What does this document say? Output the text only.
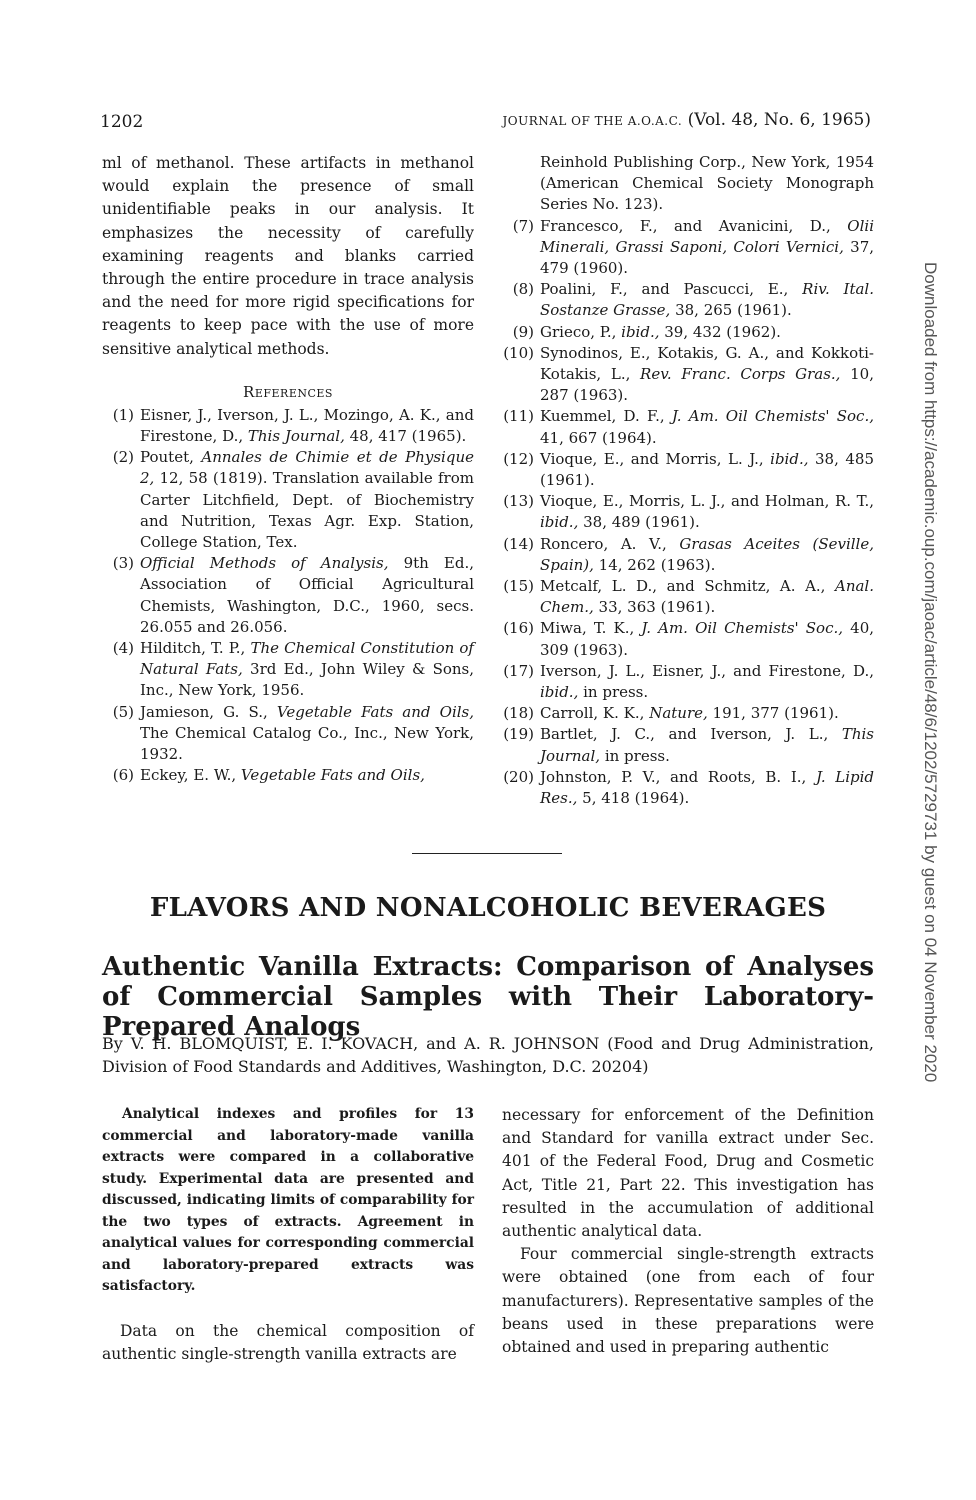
1202	JOURNAL OF THE A.O.A.C. (Vol. 48, No. 6, 1965)
Downloaded from https://academic.oup.com/jaoac/article/48/6/1202/5729731 by guest on 04 November 2020

ml of methanol. These artifacts in methanol would explain the presence of small unidentifiable peaks in our analysis. It emphasizes the necessity of carefully examining reagents and blanks carried through the entire procedure in trace analysis and the need for more rigid specifications for reagents to keep pace with the use of more sensitive analytical methods.

References
(1) Eisner, J., Iverson, J. L., Mozingo, A. K., and Firestone, D., This Journal, 48, 417 (1965).
(2) Poutet, Annales de Chimie et de Physique 2, 12, 58 (1819). Translation available from Carter Litchfield, Dept. of Biochemistry and Nutrition, Texas Agr. Exp. Station, College Station, Tex.
(3) Official Methods of Analysis, 9th Ed., Association of Official Agricultural Chemists, Washington, D.C., 1960, secs. 26.055 and 26.056.
(4) Hilditch, T. P., The Chemical Constitution of Natural Fats, 3rd Ed., John Wiley & Sons, Inc., New York, 1956.
(5) Jamieson, G. S., Vegetable Fats and Oils, The Chemical Catalog Co., Inc., New York, 1932.
(6) Eckey, E. W., Vegetable Fats and Oils,
Reinhold Publishing Corp., New York, 1954 (American Chemical Society Monograph Series No. 123).
(7) Francesco, F., and Avanicini, D., Olii Minerali, Grassi Saponi, Colori Vernici, 37, 479 (1960).
(8) Poalini, F., and Pascucci, E., Riv. Ital. Sostanze Grasse, 38, 265 (1961).
(9) Grieco, P., ibid., 39, 432 (1962).
(10) Synodinos, E., Kotakis, G. A., and Kokkoti-Kotakis, L., Rev. Franc. Corps Gras., 10, 287 (1963).
(11) Kuemmel, D. F., J. Am. Oil Chemists' Soc., 41, 667 (1964).
(12) Vioque, E., and Morris, L. J., ibid., 38, 485 (1961).
(13) Vioque, E., Morris, L. J., and Holman, R. T., ibid., 38, 489 (1961).
(14) Roncero, A. V., Grasas Aceites (Seville, Spain), 14, 262 (1963).
(15) Metcalf, L. D., and Schmitz, A. A., Anal. Chem., 33, 363 (1961).
(16) Miwa, T. K., J. Am. Oil Chemists' Soc., 40, 309 (1963).
(17) Iverson, J. L., Eisner, J., and Firestone, D., ibid., in press.
(18) Carroll, K. K., Nature, 191, 377 (1961).
(19) Bartlet, J. C., and Iverson, J. L., This Journal, in press.
(20) Johnston, P. V., and Roots, B. I., J. Lipid Res., 5, 418 (1964).
FLAVORS AND NONALCOHOLIC BEVERAGES
Authentic Vanilla Extracts: Comparison of Analyses of Commercial Samples with Their Laboratory-Prepared Analogs
By V. H. BLOMQUIST, E. I. KOVACH, and A. R. JOHNSON (Food and Drug Administration, Division of Food Standards and Additives, Washington, D.C. 20204)

Analytical indexes and profiles for 13 commercial and laboratory-made vanilla extracts were compared in a collaborative study. Experimental data are presented and discussed, indicating limits of comparability for the two types of extracts. Agreement in analytical values for corresponding commercial and laboratory-prepared extracts was satisfactory.

Data on the chemical composition of authentic single-strength vanilla extracts are

necessary for enforcement of the Definition and Standard for vanilla extract under Sec. 401 of the Federal Food, Drug and Cosmetic Act, Title 21, Part 22. This investigation has resulted in the accumulation of additional authentic analytical data.

Four commercial single-strength extracts were obtained (one from each of four manufacturers). Representative samples of the beans used in these preparations were obtained and used in preparing authentic
